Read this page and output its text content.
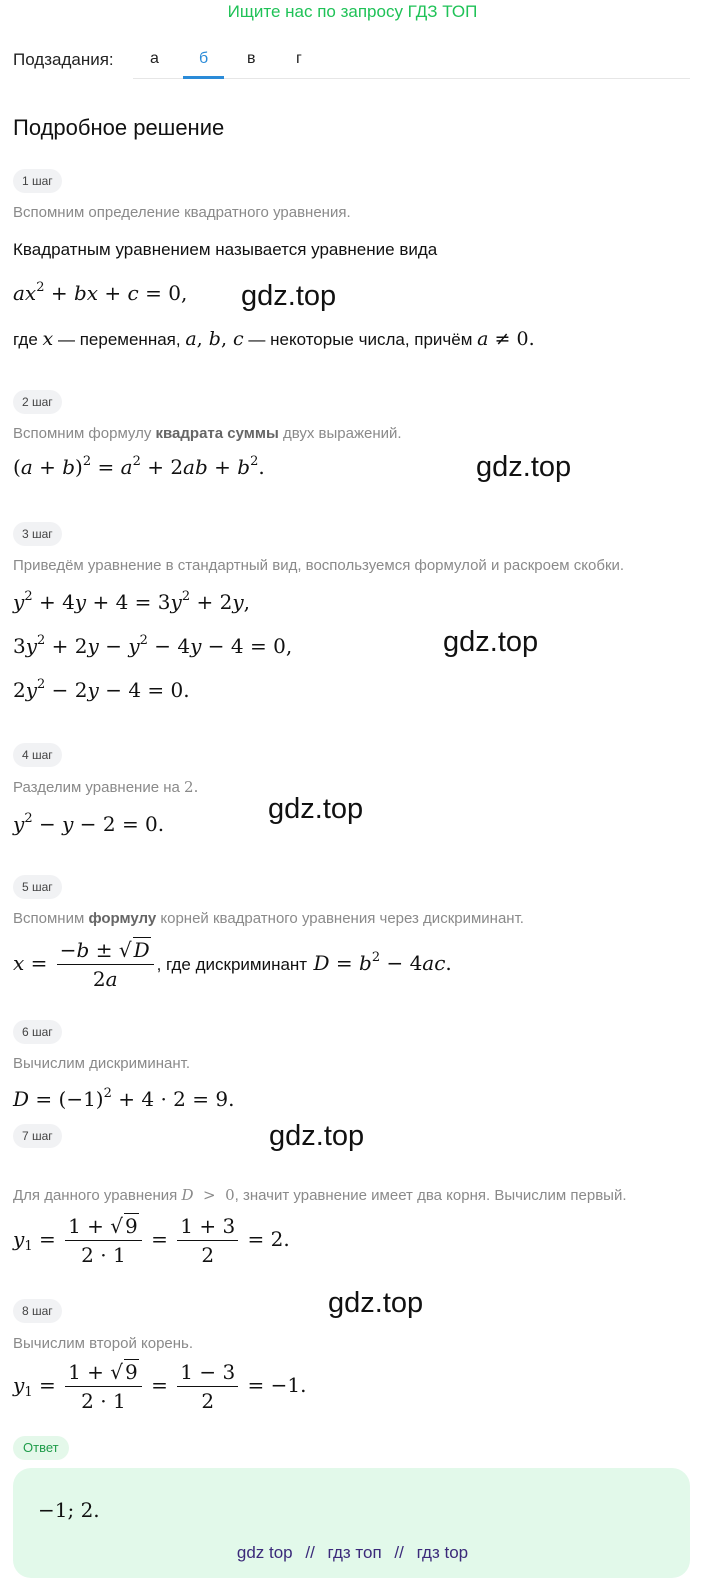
Ищите нас по запросу ГДЗ ТОП
Подзадания: а	б в	г
Подробное решение
1 шаг
Вспомним определение квадратного уравнения.
Квадратным уравнением называется уравнение вида
$ax^2$ + bx + c = 0,
где x — переменная, a, b, c — некоторые числа, причём a ≠ 0.
gdz.top
2 шаг
Вспомним формулу квадрата суммы двух выражений.
$(a + b)^2 = a^2 + 2ab + b^2$.	gdz.top
3 шаг
Приведём уравнение в стандартный вид, воспользуемся формулой и раскроем скобки.
$y^2 + 4y + 4 = 3y^2 + 2y$,
$3y^2 + 2y - y^2 - 4y - 4 = 0$,
$2y^2 - 2y - 4 = 0$.
gdz.top
4 шаг
Разделим уравнение на 2.
$y^2 - y - 2 = 0$.	gdz.top
5 шаг
Вспомним формулу корней квадратного уравнения через дискриминант.
$x = \frac{-b \pm √ D}{2a}$ , где дискриминант $D = b^2 - 4ac$.
6 шаг
Вычислим дискриминант.
$D = (-1)^2 + 4 \cdot 2 = 9$.
gdz.top
7 шаг
Для данного уравнения D  >  0, значит уравнение имеет два корня. Вычислим первый.
$y_1 = \frac{1 + √ 9}{2 \cdot 1} = \frac{1 + 3}{2} = 2$.
8 шаг
Вычислим второй корень.
$y_1 = \frac{1 + √ 9}{2 \cdot 1} = \frac{1 - 3}{2} = -1$.
gdz.top
Ответ
−1; 2.
gdz top // гдз топ // гдз top
